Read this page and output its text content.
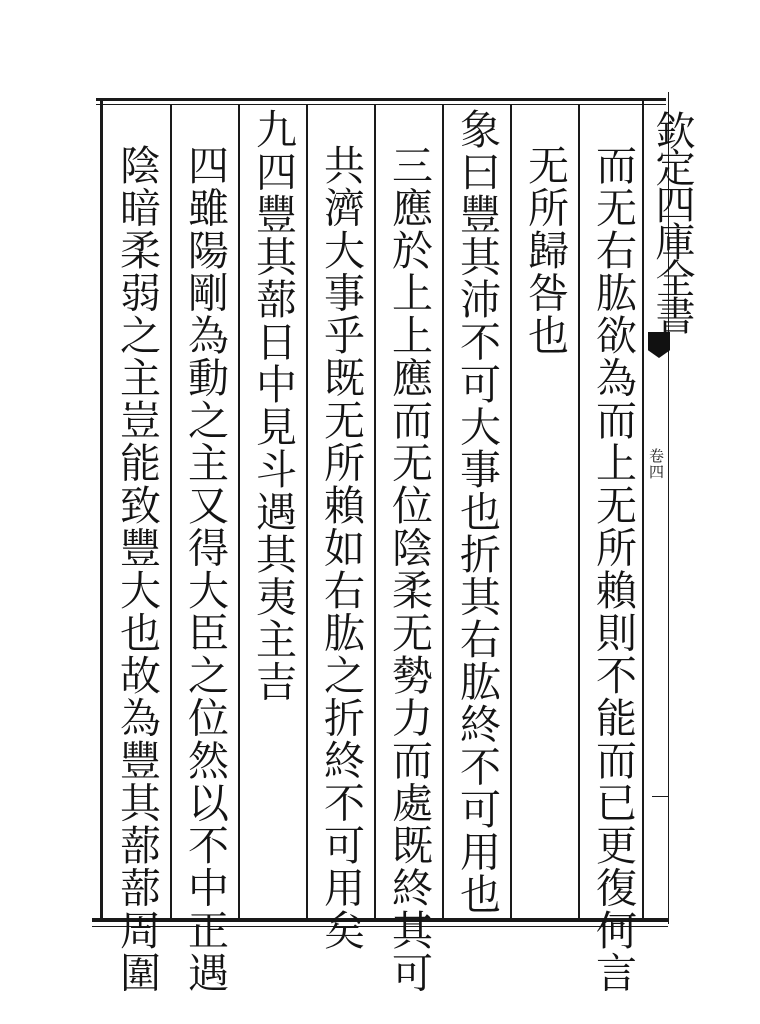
欽定四庫全書
卷四
而无右肱欲為而上无所賴則不能而已更復何言
无所歸咎也
象曰豐其沛不可大事也折其右肱終不可用也
三應於上上應而无位陰柔无勢力而處既終其可
共濟大事乎既无所賴如右肱之折終不可用矣
九四豐其蔀日中見斗遇其夷主吉
四雖陽剛為動之主又得大臣之位然以不中正遇
陰暗柔弱之主豈能致豐大也故為豐其蔀蔀周圍
